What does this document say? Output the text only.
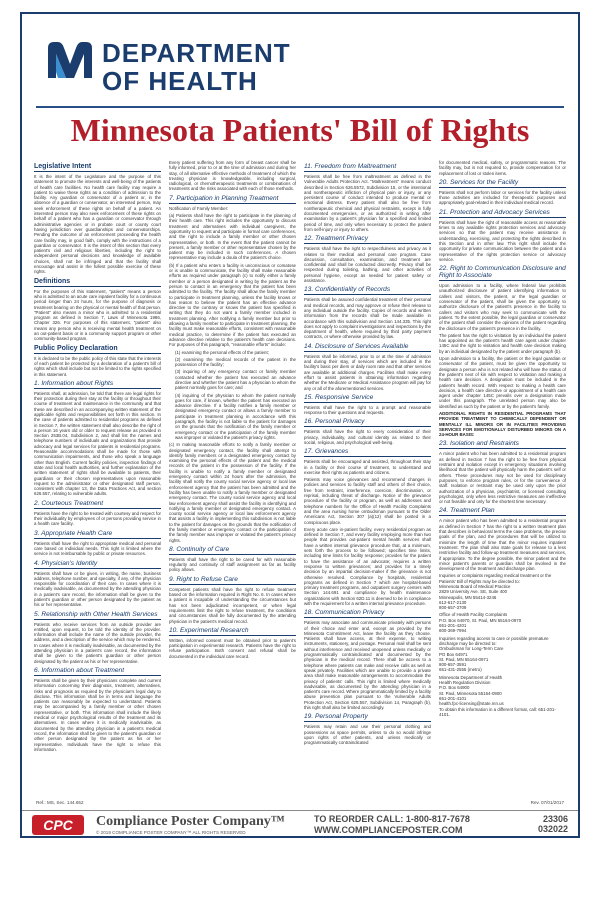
DEPARTMENT
OF HEALTH
Minnesota Patients' Bill of Rights
Legislative Intent
It is the intent of the Legislature and the purpose of this statement to promote the interests and well-being of the patients of health care facilities. No health care facility may require a patient to waive these rights as a condition of admission to the facility. Any guardian or conservator of a patient or, in the absence of a guardian or conservator, an interested person, may seek enforcement of these rights on behalf of a patient. An interested person may also seek enforcement of these rights on behalf of a patient who has a guardian or conservator through administrative agencies or in probate court or county court having jurisdiction over guardianships and conservatorships. Pending the outcome of an enforcement proceeding the health care facility may, in good faith, comply with the instructions of a guardian or conservator. It is the intent of this section that every patient's civil and religious liberties, including the right to independent personal decisions and knowledge of available choices, shall not be infringed and that the facility shall encourage and assist in the fullest possible exercise of these rights.
Definitions
For the purposes of this statement, "patient" means a person who is admitted to an acute care inpatient facility for a continuous period longer than 24 hours, for the purpose of diagnosis or treatment bearing on the physical or mental health of that person. "Patient" also means a minor who is admitted to a residential program as defined in Section 7, Laws of Minnesota 1986, Chapter 326. For purposes of this statement, "patient" also means any person who is receiving mental health treatment on an out-patient basis or in a community support program or other community-based program.
Public Policy Declaration
It is declared to be the public policy of this state that the interests of each patient be protected by a declaration of a patient's bill of rights which shall include but not be limited to the rights specified in this statement.
1. Information about Rights
Patients shall, at admission, be told that there are legal rights for their protection during their stay at the facility or throughout their course of treatment and maintenance in the community and that these are described in an accompanying written statement of the applicable rights and responsibilities set forth in this section. In the case of patients admitted to residential programs as defined in Section 7, the written statement shall also describe the right of a person 16 years old or older to request release as provided in Section 253B.04, Subdivision 2, and shall list the names and telephone numbers of individuals and organizations that provide advocacy and legal services for patients in residential programs. Reasonable accommodations shall be made for those with communication impairments, and those who speak a language other than English. Current facility policies, inspection findings of state and local health authorities, and further explanation of the written statement of rights shall be available to patients, their guardians or their chosen representatives upon reasonable request to the administrator or other designated staff person, consistent with chapter 13, the Data Practices Act, and section 626.557, relating to vulnerable adults.
2. Courteous Treatment
Patients have the right to be treated with courtesy and respect for their individuality by employees of or persons providing service in a health care facility.
3. Appropriate Health Care
Patients shall have the right to appropriate medical and personal care based on individual needs. This right is limited where the service is not reimbursable by public or private resources.
4. Physician's Identity
Patients shall have or be given, in writing, the name, business address, telephone number, and specialty, if any, of the physician responsible for coordination of their care. In cases where it is medically inadvisable, as documented by the attending physician in a patient's care record, the information shall be given to the patient's guardian or other person designated by the patient as his or her representative.
5. Relationship with Other Health Services
Patients who receive services from an outside provider are entitled, upon request, to be told the identity of the provider. Information shall include the name of the outside provider, the address, and a description of the service which may be rendered. In cases where it is medically inadvisable, as documented by the attending physician in a patient's care record, the information shall be given to the patient's guardian or other person designated by the patient as his or her representative.
6. Information about Treatment
Patients shall be given by their physicians complete and current information concerning their diagnosis, treatment, alternatives, risks and prognosis as required by the physician's legal duty to disclose. This information shall be in terms and language the patients can reasonably be expected to understand. Patients may be accompanied by a family member or other chosen representative, or both. This information shall include the likely medical or major psychological results of the treatment and its alternatives. In cases where it is medically inadvisable, as documented by the attending physician in a patient's medical record, the information shall be given to the patient's guardian or other person designated by the patient as his or her representative. Individuals have the right to refuse this information.
Every patient suffering from any form of breast cancer shall be fully informed, prior to or at the time of admission and during her stay, of all alternative effective methods of treatment of which the treating physician is knowledgeable, including surgical, radiological, or chemotherapeutic treatments or combinations of treatments and the risks associated with each of those methods.
7. Participation in Planning Treatment
Notification of Family Member:
(a) Patients shall have the right to participate in the planning of their health care. This right includes the opportunity to discuss treatment and alternatives with individual caregivers, the opportunity to request and participate in formal care conferences, and the right to include a family member or other chosen representative, or both. In the event that the patient cannot be present, a family member or other representative chosen by the patient may be included in such conferences. A chosen representative may include a doula of the patient's choice.
(b) If a patient who enters a facility is unconscious or comatose or is unable to communicate, the facility shall make reasonable efforts as required under paragraph (c) to notify either a family member or a person designated in writing by the patient as the person to contact in an emergency that the patient has been admitted to the facility. The facility shall allow the family member to participate in treatment planning, unless the facility knows or has reason to believe the patient has an effective advance directive to the contrary or knows the patient has specified in writing that they do not want a family member included in treatment planning. After notifying a family member but prior to allowing a family member to participate in treatment planning, the facility must make reasonable efforts, consistent with reasonable medical practice, to determine if the patient has executed an advance directive relative to the patient's health care decisions. For purposes of this paragraph, "reasonable efforts" include:
(1) examining the personal effects of the patient;
(2) examining the medical records of the patient in the possession of the facility;
(3) inquiring of any emergency contact or family member contacted whether the patient has executed an advance directive and whether the patient has a physician to whom the patient normally goes for care; and
(4) inquiring of the physician to whom the patient normally goes for care, if known, whether the patient has executed an advance directive. If a facility notifies a family member or designated emergency contact or allows a family member to participate in treatment planning in accordance with this paragraph, the facility is not liable to the patient for damages on the grounds that the notification of the family member or emergency contact or the participation of the family member was improper or violated the patient's privacy rights.
(c) In making reasonable efforts to notify a family member or designated emergency contact, the facility shall attempt to identify family members or a designated emergency contact by examining the personal effects of the patient and the medical records of the patient in the possession of the facility. If the facility is unable to notify a family member or designated emergency contact within 24 hours after the admission, the facility shall notify the county social service agency or local law enforcement agency that the patient has been admitted and the facility has been unable to notify a family member or designated emergency contact. The county social service agency and local law enforcement agency shall assist the facility in identifying and notifying a family member or designated emergency contact. A county social service agency or local law enforcement agency that assists a facility in implementing this subdivision is not liable to the patient for damages on the grounds that the notification of the family member or emergency contact or the participation of the family member was improper or violated the patient's privacy rights.
8. Continuity of Care
Patients shall have the right to be cared for with reasonable regularity and continuity of staff assignment as far as facility policy allows.
9. Right to Refuse Care
Competent patients shall have the right to refuse treatment based on the information required in Right No. 6. In cases where a patient is incapable of understanding the circumstances but has not been adjudicated incompetent, or when legal requirements limit the right to refuse treatment, the conditions and circumstances shall be fully documented by the attending physician in the patient's medical record.
10. Experimental Research
Written, informed consent must be obtained prior to patient's participation in experimental research. Patients have the right to refuse participation. Both consent and refusal shall be documented in the individual care record.
11. Freedom from Maltreatment
Patients shall be free from maltreatment as defined in the Vulnerable Adults Protection Act. "Maltreatment" means conduct described in Section 626.5572, Subdivision 15, or the intentional and nontherapeutic infliction of physical pain or injury, or any persistent course of conduct intended to produce mental or emotional distress. Every patient shall also be free from nontherapeutic chemical and physical restraints, except in fully documented emergencies, or as authorized in writing after examination by a patient's physician for a specified and limited period of time, and only when necessary to protect the patient from self-injury or injury to others.
12. Treatment Privacy
Patients shall have the right to respectfulness and privacy as it relates to their medical and personal care program. Case discussion, consultation, examination, and treatment are confidential and shall be conducted discreetly. Privacy shall be respected during toileting, bathing, and other activities of personal hygiene, except as needed for patient safety or assistance.
13. Confidentiality of Records
Patients shall be assured confidential treatment of their personal and medical records, and may approve or refuse their release to any individual outside the facility. Copies of records and written information from the records shall be made available in accordance with this subdivision and Section 144.335. This right does not apply to complaint investigations and inspections by the department of health, where required by third party payment contracts, or where otherwise provided by law.
14. Disclosure of Services Available
Patients shall be informed, prior to or at the time of admission and during their stay, of services which are included in the facility's basic per diem or daily room rate and that other services are available at additional charges. Facilities shall make every effort to assist patients in obtaining information regarding whether the Medicare or Medical Assistance program will pay for any or all of the aforementioned services.
15. Responsive Service
Patients shall have the right to a prompt and reasonable response to their questions and requests.
16. Personal Privacy
Patients shall have the right to every consideration of their privacy, individuality, and cultural identity as related to their social, religious, and psychological well-being.
17. Grievances
Patients shall be encouraged and assisted, throughout their stay in a facility or their course of treatment, to understand and exercise their rights as patients and citizens.
Patients may voice grievances and recommend changes in policies and services to facility staff and others of their choice, free from restraint, interference, coercion, discrimination, or reprisal, including threat of discharge. Notice of the grievance procedure of the facility or program, as well as addresses and telephone numbers for the Office of Health Facility Complaints and the area nursing home ombudsman pursuant to the Older Americans Act, Section 307 (a)(12) shall be posted in a conspicuous place.
Every acute care in-patient facility, every residential program as defined in Section 7, and every facility employing more than two people that provides out-patient mental health services shall have a written internal grievance procedure that, at a minimum, sets forth the process to be followed; specifies time limits, including time limits for facility response; provides for the patient to have the assistance of an advocate; requires a written response to written grievances; and provides for a timely decision by an impartial decision-maker if the grievance is not otherwise resolved. Compliance by hospitals, residential programs as defined in Section 7 which are hospital-based primary treatment programs, and outpatient surgery centers with Section 144.691 and compliance by health maintenance organizations with Section 62D.11 is deemed to be in compliance with the requirement for a written internal grievance procedure.
18. Communication Privacy
Patients may associate and communicate privately with persons of their choice and enter and, except as provided by the Minnesota Commitment Act, leave the facility as they choose. Patients shall have access, at their expense, to writing instruments, stationery, and postage. Personal mail shall be sent without interference and received unopened unless medically or programmatically contraindicated and documented by the physician in the medical record. There shall be access to a telephone where patients can make and receive calls as well as speak privately. Facilities which are unable to provide a private area shall make reasonable arrangements to accommodate the privacy of patients' calls. This right is limited where medically inadvisable, as documented by the attending physician in a patient's care record. Where programmatically limited by a facility abuse prevention plan pursuant to the Vulnerable Adults Protection Act, Section 626.557, Subdivision 14, Paragraph (b), this right shall also be limited accordingly.
19. Personal Property
Patients may retain and use their personal clothing and possessions as space permits, unless to do so would infringe upon rights of other patients, and unless medically or programmatically contraindicated
for documented medical, safety, or programmatic reasons. The facility may, but is not required to, provide compensation for or replacement of lost or stolen items.
20. Services for the Facility
Patients shall not perform labor or services for the facility unless those activities are included for therapeutic purposes and appropriately goal-related in their individual medical record.
21. Protection and Advocacy Services
Patients shall have the right of reasonable access at reasonable times to any available rights protection services and advocacy services so that the patient may receive assistance in understanding, exercising, and protecting the rights described in this Section and in other law. This right shall include the opportunity for private communication between the patient and a representative of the rights protection service or advocacy service.
22. Right to Communication Disclosure and Right to Associate
Upon admission to a facility, where federal law prohibits unauthorized disclosure of patient identifying information to callers and visitors, the patient, or the legal guardian or conservator of the patient, shall be given the opportunity to authorize disclosure of the patient's presence in the facility to callers and visitors who may seek to communicate with the patient. To the extent possible, the legal guardian or conservator of the patient shall consider the opinions of the patient regarding the disclosure of the patient's presence in the facility.
The patient has the right to visitation by an individual the patient has appointed as the patient's health care agent under chapter 145C and the right to visitation and health care decision making by an individual designated by the patient under paragraph (b).
Upon admission to a facility, the patient or the legal guardian or conservator of the patient, must be given the opportunity to designate a person who is not related who will have the status of the patient's next of kin with respect to visitation and making a health care decision. A designation must be included in the patient's health record. With respect to making a health care decision, a health care directive or appointment of a health care agent under chapter 145C prevails over a designation made under this paragraph. The unrelated person may also be identified as such by the patient or by the patient's family.
ADDITIONAL RIGHTS IN RESIDENTIAL PROGRAMS THAT PROVIDE TREATMENT TO CHEMICALLY DEPENDENT OR MENTALLY ILL MINORS OR IN FACILITIES PROVIDING SERVICES FOR EMOTIONALLY DISTURBED MINORS ON A 24-HOUR BASIS:
23. Isolation and Restraints
A minor patient who has been admitted to a residential program as defined in Section 7 has the right to be free from physical restraint and isolation except in emergency situations involving likelihood that the patient will physically harm the patient's self or others. These procedures may not be used for disciplinary purposes, to enforce program rules, or for the convenience of staff. Isolation or restraint may be used only upon the prior authorization of a physician, psychiatrist, or licensed consulting psychologist, only when less restrictive measures are ineffective or not feasible and only for the shortest time necessary.
24. Treatment Plan
A minor patient who has been admitted to a residential program as defined in Section 7 has the right to a written treatment plan that describes in behavioral terms the case problems, the precise goals of the plan, and the procedures that will be utilized to minimize the length of time that the minor requires inpatient treatment. The plan shall also state goals for release to a less restrictive facility and follow-up treatment measures and services, if appropriate. To the degree possible, the minor patient and the minor patient's parents or guardian shall be involved in the development of the treatment and discharge plan.
Inquiries or complaints regarding medical treatment or the Patients' Bill of Rights may be directed to:
Minnesota Board of Medical Practice
2829 University Ave. SE, Suite 400
Minneapolis, MN 55414-3246
612-617-2130
800-657-3709
Office of Health Facility Complaints
P.O. Box 64970, St. Paul, MN 55164-0970
651-201-4201
800-369-7994
Inquiries regarding access to care or possible premature discharge may be directed to:
Ombudsman for Long-Term Care
PO Box 64971
St. Paul, MN 55164-0971
800-657-3591
651-431-2555 (metro)
Minnesota Department of Health
Health Regulation Division
P.O. Box 64900
St. Paul, Minnesota 55164-0900
651-201-4101
health.fpc-licensing@state.mn.us
To obtain this information in a different format, call: 651-201-4101.
Ref.: MS, Sec. 144.652	Rev. 07/01/2017
CPC Compliance Poster Company™
© 2019 COMPLIANCE POSTER COMPANY™ ALL RIGHTS RESERVED
TO REORDER CALL: 1-800-817-7678
WWW.COMPLIANCEPOSTER.COM
23306
032022
